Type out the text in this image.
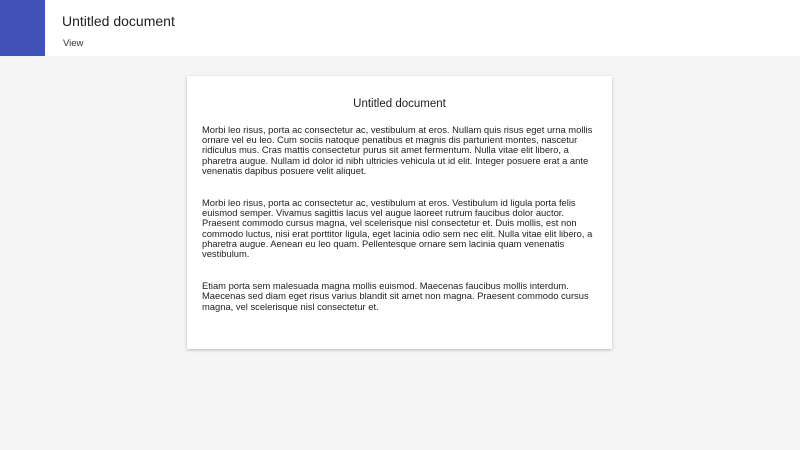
Untitled document
View
Untitled document

Morbi leo risus, porta ac consectetur ac, vestibulum at eros. Nullam quis risus eget urna mollis ornare vel eu leo. Cum sociis natoque penatibus et magnis dis parturient montes, nascetur ridiculus mus. Cras mattis consectetur purus sit amet fermentum. Nulla vitae elit libero, a pharetra augue. Nullam id dolor id nibh ultricies vehicula ut id elit. Integer posuere erat a ante venenatis dapibus posuere velit aliquet.

Morbi leo risus, porta ac consectetur ac, vestibulum at eros. Vestibulum id ligula porta felis euismod semper. Vivamus sagittis lacus vel augue laoreet rutrum faucibus dolor auctor. Praesent commodo cursus magna, vel scelerisque nisl consectetur et. Duis mollis, est non commodo luctus, nisi erat porttitor ligula, eget lacinia odio sem nec elit. Nulla vitae elit libero, a pharetra augue. Aenean eu leo quam. Pellentesque ornare sem lacinia quam venenatis vestibulum.

Etiam porta sem malesuada magna mollis euismod. Maecenas faucibus mollis interdum. Maecenas sed diam eget risus varius blandit sit amet non magna. Praesent commodo cursus magna, vel scelerisque nisl consectetur et.
